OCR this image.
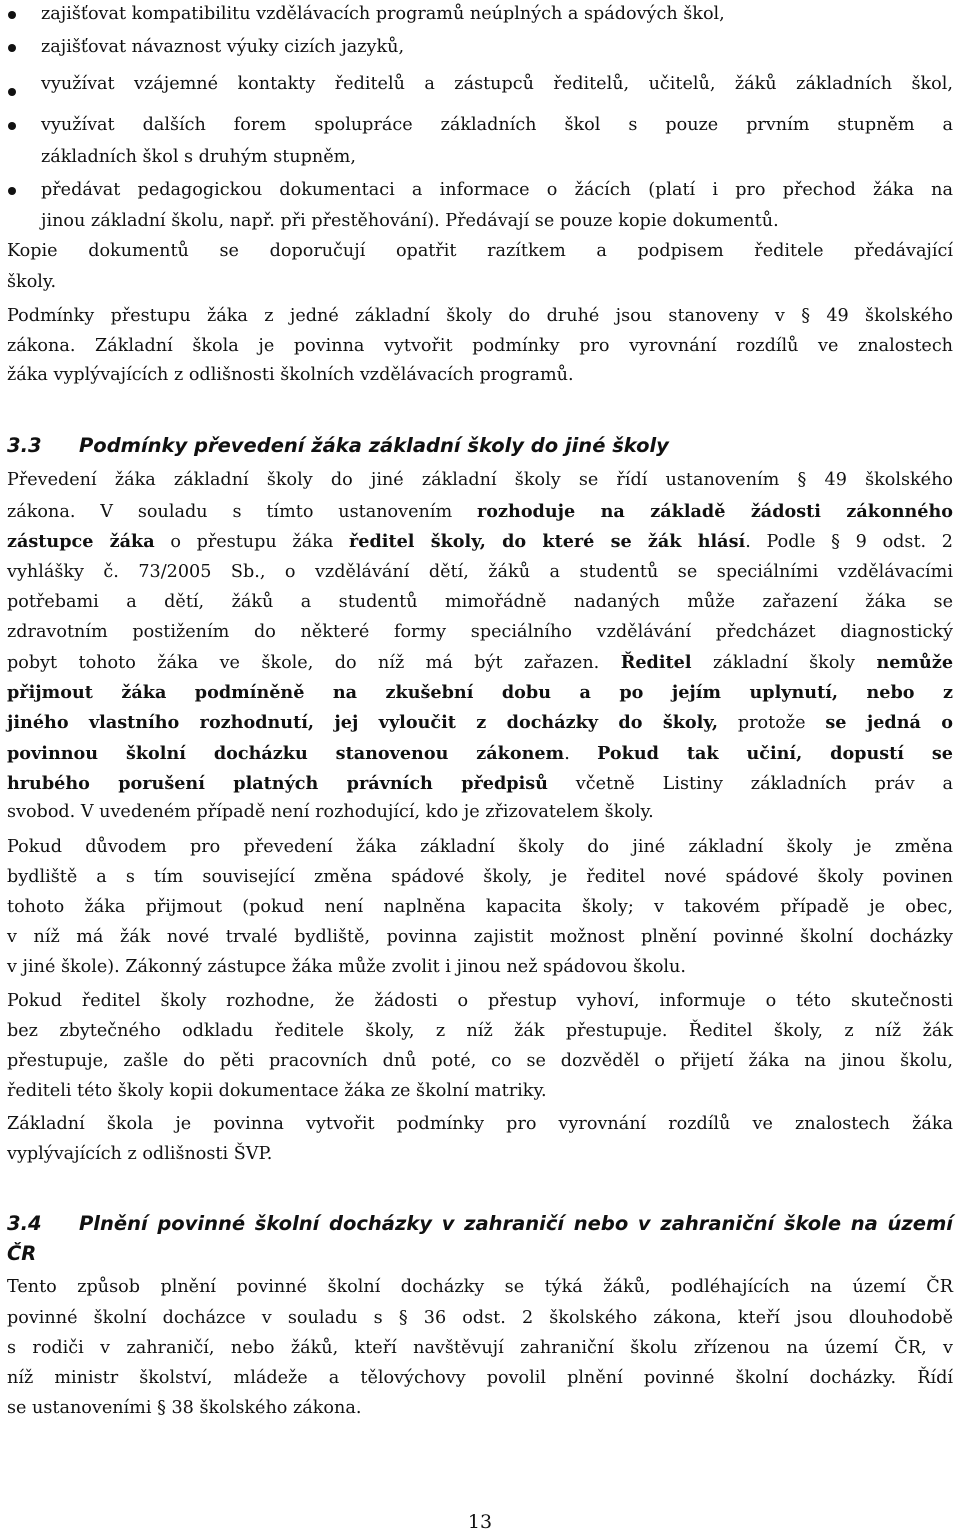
zajišťovat kompatibilitu vzdělávacích programů neúplných a spádových škol,
zajišťovat návaznost výuky cizích jazyků,
využívat vzájemné kontakty ředitelů a zástupců ředitelů, učitelů, žáků základních škol,
využívat dalších forem spolupráce základních škol s pouze prvním stupněm a
základních škol s druhým stupněm,
předávat pedagogickou dokumentaci a informace o žácích (platí i pro přechod žáka na
jinou základní školu, např. při přestěhování). Předávají se pouze kopie dokumentů.
Kopie dokumentů se doporučují opatřit razítkem a podpisem ředitele předávající
školy.
Podmínky přestupu žáka z jedné základní školy do druhé jsou stanoveny v § 49 školského
zákona. Základní škola je povinna vytvořit podmínky pro vyrovnání rozdílů ve znalostech
žáka vyplývajících z odlišnosti školních vzdělávacích programů.
3.3 Podmínky převedení žáka základní školy do jiné školy
Převedení žáka základní školy do jiné základní školy se řídí ustanovením § 49 školského
zákona. V souladu s tímto ustanovením rozhoduje na základě žádosti zákonného
zástupce žáka o přestupu žáka ředitel školy, do které se žák hlásí. Podle § 9 odst. 2
vyhlášky č. 73/2005 Sb., o vzdělávání dětí, žáků a studentů se speciálními vzdělávacími
potřebami a dětí, žáků a studentů mimořádně nadaných může zařazení žáka se
zdravotním postižením do některé formy speciálního vzdělávání předcházet diagnostický
pobyt tohoto žáka ve škole, do níž má být zařazen. Ředitel základní školy nemůže
přijmout žáka podmíněně na zkušební dobu a po jejím uplynutí, nebo z
jiného vlastního rozhodnutí, jej vyloučit z docházky do školy, protože se jedná o
povinnou školní docházku stanovenou zákonem. Pokud tak učiní, dopustí se
hrubého porušení platných právních předpisů včetně Listiny základních práv a
svobod. V uvedeném případě není rozhodující, kdo je zřizovatelem školy.
Pokud důvodem pro převedení žáka základní školy do jiné základní školy je změna
bydliště a s tím související změna spádové školy, je ředitel nové spádové školy povinen
tohoto žáka přijmout (pokud není naplněna kapacita školy; v takovém případě je obec,
v níž má žák nové trvalé bydliště, povinna zajistit možnost plnění povinné školní docházky
v jiné škole). Zákonný zástupce žáka může zvolit i jinou než spádovou školu.
Pokud ředitel školy rozhodne, že žádosti o přestup vyhoví, informuje o této skutečnosti
bez zbytečného odkladu ředitele školy, z níž žák přestupuje. Ředitel školy, z níž žák
přestupuje, zašle do pěti pracovních dnů poté, co se dozvěděl o přijetí žáka na jinou školu,
řediteli této školy kopii dokumentace žáka ze školní matriky.
Základní škola je povinna vytvořit podmínky pro vyrovnání rozdílů ve znalostech žáka
vyplývajících z odlišnosti ŠVP.
3.4 Plnění povinné školní docházky v zahraničí nebo v zahraniční škole na území
ČR
Tento způsob plnění povinné školní docházky se týká žáků, podléhajících na území ČR
povinné školní docházce v souladu s § 36 odst. 2 školského zákona, kteří jsou dlouhodobě
s rodiči v zahraničí, nebo žáků, kteří navštěvují zahraniční školu zřízenou na území ČR, v
níž ministr školství, mládeže a tělovýchovy povolil plnění povinné školní docházky. Řídí
se ustanoveními § 38 školského zákona.
13
